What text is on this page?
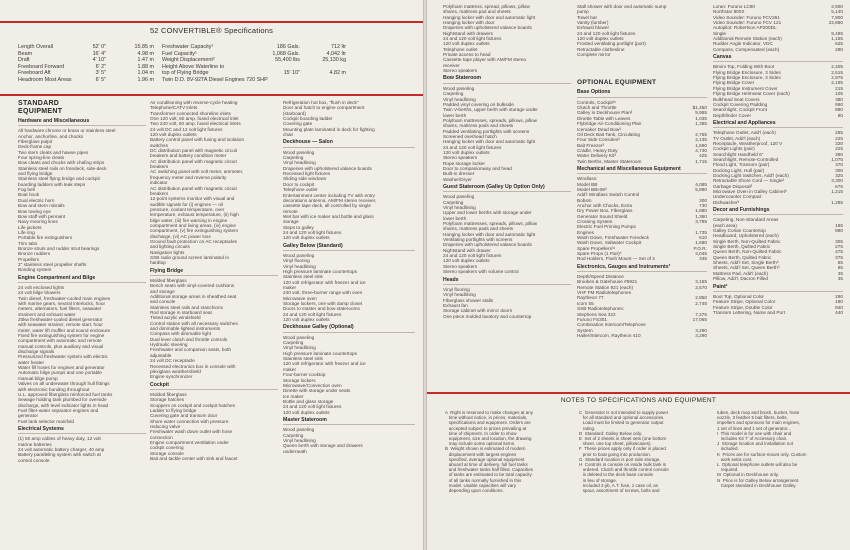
52 CONVERTIBLE® Specifications
Length Overall	52' 0"	15.85 m	Freshwater Capacity¹	186 Gals.	712 ltr
Beam	16' 4"	4.98 m	Fuel Capacity¹	1,068 Gals.	4,042 ltr
Draft	4' 10"	1.47 m	Weight Displacement²	55,400 lbs	25,130 kg
Freeboard Forward	6' 2"	1.88 m	Height Above Waterline to
Freeboard Aft	3' 5"	1.04 m	top of Flying Bridge	15' 10"	4.82 m
Headroom Most Areas	6' 5"	1.96 m	Twin D.D. 8V-92TA Diesel Engines 720 SHP
STANDARD
EQUIPMENT
Hardware and Miscellaneous
All hardware chrome or brass or stainless steel
Anchor, anchorline, and chocks
Fiberglass pulpit
Deck-frame cap
Two stern cleats and hawse pipes
Four spring-line cleats
Bow cleats and chocks with chafing strips
Stainless steel rails on foredeck, side-deck
and flying bridge
Stainless steel flying bridge and cockpit
boarding ladders with teak steps
Fog bell
Boat hook
Dual electric horn
Bow and stern rubrails
Bow towing eye
Bow staff with pennant
Navy mooring lines
Life jackets
Life ring
Portable fire extinguishers
Trim tabs
Bronze struts and rudder strut bearings
Bronze rudders
Propellers
2" stainless steel propeller shafts
Bonding system
Engine Compartment and Bilge
24 volt enclosed lights
24 volt bilge blowers
Twin diesel, freshwater-cooled main engines
with marine gears, neutral interlocks, hour
meters, alternators, fuel filters, seawater
strainers and exhaust water
20kw freshwater-cooled diesel generator
with seawater strainer, remote start, hour
meter, water lift muffler and sound enclosure
Fixed fire extinguishing system for engine
compartment with automatic and remote
manual controls, plus auxiliary and visual
discharge signals
Pressurized freshwater system with electric
water heater
Water fill hoses for engines and generator
Automatic bilge pumps and one portable
manual bilge pump
Valves on all underwater through hull fittings
with electronic bonding throughout
U.L. approved fiberglass reinforced fuel tanks
Sewage holding tank plumbed for overside
discharge, with level indicator lights in head
Fuel filter-water separator engines and
generator
Fuel tank selector manifold
Electrical Systems
(1) 50 amp cables of heavy duty, 12 volt
marine batteries
24 volt automatic battery charger, 40 amp
Battery paralleling system with switch at
control console
Air conditioning with reverse-cycle heating
Telephone/CATV inlets
Transformer connected shoreline inlets
One 120 volt, 50 amp, fused electrical inlet
Two 240 volt, 50 amp, fused electrical inlets
24 volt DC and 12 volt light fixtures
120 volt duplex outlets
Battery control panel with fusing and isolation
switches
DC distribution panel with magnetic circuit
breakers and battery condition meter
AC distribution panel with magnetic circuit
breakers
AC switching panel with volt meter, ammeter,
frequency meter and reverse polarity
indicator
AC distribution panel with magnetic circuit
breakers
12-point systems monitor with visual and
audible signals for (i) engines — oil
pressure, coolant temperature, over
temperature, exhaust temperature, (ii) high
bilge water, (iii) fire warning in engine
compartment and living areas, (iv) engine
compartment, (v) fire extinguishing system
discharge, (vi) AC power loss
Ground fault protection on AC receptacles
and lighting circuits
Navigation lights
SSB radio ground screen laminated in
hardtop
Flying Bridge
Molded fiberglass
Bench seats with vinyl-covered cushions
and storage
Additional storage areas in sheathed seat
and console
Stainless steel rails and stanchions
Rod storage in starboard seat
Tinted acrylic windshield
Control station with all necessary switches
and dimmable lighted instruments
Compass with dimmable light
Dual lever clutch and throttle controls
Hydraulic steering
Freshwater and companion seats, both
adjustable
24 volt DC receptacle
Recessed electronics box in console with
plexiglass weathershield
Engine synchronizer
Cockpit
Molded fiberglass
Storage hatches
Scuppers on cockpit and cockpit hatches
Ladder to flying bridge
Covering gate and transom door
Shore water connection with pressure
reducing valve
Freshwater wash down outlet with hose
connection
Engine compartment ventilation under
cockpit covering
Storage console
Bait and tackle center with sink and faucet
Refrigeration hot box, "flush in deck"
Door and hatch to engine compartment
(starboard)
Cockpit boarding ladder
Covering gate
Mounting plate laminated in deck for fighting
chair
Deckhouse — Salon
Wood paneling
Carpeting
Vinyl headlining
Draperies with upholstered valance boards
Recessed light fixtures
Sliding side windows
Door to cockpit
Telephone outlet
Entertainment center including TV with entry
decorations antenna, AM/FM stereo receiver,
cassette tape deck, all controlled by single
remote
Wet bar with ice maker and bottle and glass
storage
Steps to galley
24 and 120 volt light fixtures
120 volt duplex outlets
Galley Below (Standard)
Wood paneling
Vinyl flooring
Vinyl headlining
High pressure laminate countertops
Stainless steel sink
120 volt refrigerator with freezer and ice
maker
240 volt, three-burner range with oven
Microwave oven
Storage lockers, one with damp closet
Doors to master and bow staterooms
24 and 120 volt light fixtures
120 volt duplex outlets
Deckhouse Galley (Optional)
Wood paneling
Carpeting
Vinyl headlining
High pressure laminate countertops
Stainless steel sink
120 volt refrigerator with freezer and ice
maker
Four-burner cooktop
Storage lockers
Microwave/Convection oven
Dinette with storage under seats
Ice maker
Bottle and glass storage
24 and 120 volt light fixtures
120 volt duplex outlets
Master Stateroom
Wood paneling
Carpeting
Vinyl headlining
Queen berth with storage and drawers
underneath
Polyfoam mattress, spread, pillows, pillow
shams, mattress pad and sheets
Hanging locker with door and automatic light
Hanging locker with door
Draperies with upholstered valance boards
Nightstand with drawers
24 and 120 volt light fixtures
120 volt duplex outlets
Telephone outlet
Private access to head
Cassette tape player with AM/FM stereo
receiver
Stereo speakers
Bow Stateroom
Wood paneling
Carpeting
Vinyl headlining
Padded vinyl covering on bulkside
Twin V-berths, upper berth with storage under
lower berth
Polyfoam mattresses, spreads, pillows, pillow
shams, mattress pads and sheets
Padded ventilating portlights with screens
Screened overhead hatch
Hanging locker with door and automatic light
24 and 120 volt light fixtures
120 volt duplex outlets
Stereo speakers
Rope storage locker
Door to companionway and head
Built-in dresser
Washer/Dryer
Guest Stateroom (Galley Up Option Only)
Wood paneling
Carpeting
Vinyl headlining
Upper and lower berths with storage under
lower berth
Polyfoam mattresses, spreads, pillows, pillow
shams, mattress pads and sheets
Hanging locker with door and automatic light
Ventilating portlights with screens
Draperies with upholstered valance boards
Nightstand with drawer
24 and 120 volt light fixtures
120 volt duplex outlets
Stereo speakers
Stereo speakers with volume control
Heads
Vinyl flooring
Vinyl headlining
Fiberglass shower stalls
Exhaust fan
Storage cabinet with mirror doors
One piece molded lavatory and countertop
Stall shower with door and automatic sump
pump
Towel bar
Vanity (lumber)
Exhaust blower
24 and 120 volt light fixtures
120 volt duplex outlets
Frosted ventilating portlight (port)
Retractable clothesline
Complete mirror
OPTIONAL EQUIPMENT
Base Options
Controls, Cockpit³¹
Clutch and Throttle	$1,450
Galley in Deckhouse Plan³	5,955
Dinette Table with Leaves	1,035
Flybridge Air-Conditioning Plan	1,385
Icemaker Dead Bow³
Oil Deck Bait Tank, Circulating	2,755
Four Side Consoles³	2,135
Bait Freezer³	1,690
Cradle, Heavy Duty	4,740
Water Delivery Kit³	425
Twin Berths, Master Stateroom	1,715
Mechanical and Miscellaneous Equipment
Windlass:
Model BB	4,085
Model BBHW³	5,880
Add’l Windlass Switch Control
Bobsm	300
Anchor with Chocks, Extra	730
Dry Power Box, Fiberglass	1,880
Generator Sound Shield	1,360
Crossing System	3,795
Electric Fuel Priming Pumps
Engines	1,735
Wash Down, Freshwater Foredeck	610
Wash Down, Saltwater Cockpit	1,680
Spare Propellers³¹	P.O.R.
Spare Props (1 Pair)*	3,045
Rod Holders, Flush Mount — Set of 4	345
Electronics, Gauges and Instruments³
Depth/Speed Distance
Brookes & Gatehouse #5921	3,155
Remote Station 921 (each)	2,570
VHF FM Radiotelephones
Raytheon 77	2,850
Icom 55	2,745
SSB Radiotelephones:
Stephens Sea 322	7,275
Furuno FS301	17,065
Combination Intercom/Telephone
System	3,290
Hailer/Intercom, Raytheon 410	3,290
Loran: Furuno LC90	2,900
Northstar 800X	5,140
Video Sounder: Furuno FCV261	7,900
Video Sounder: Furuno FCV 121	22,850
Autopilot: Robertson AP200DL
Single	9,495
Additional Remote Station (each)	1,155
Rudder Angle Indicator, VDC	625
Compass, Compensated (each)	290
Canvas
Bimini Top, Folding With Boot	2,405
Flying Bridge Enclosure, 3 Sides	2,515
Flying Bridge Enclosure, 3 Sides	2,975
Flying Bridge Cover	2,195
Flying Bridge Instrument Cover	215
Flying Bridge Helmseat Cover (each)	105
Bulkhead Seat Covers	380
Cockpit Covering Padding	990
Searchlight, Cockpit Front	880
Depthfinder Cover	90
Electrical and Appliances
Telephone Outlet, Add’l (each)	285
TV Outlet, Add’l (each)	225
Receptacle, Weatherproof, 120 V	320
Cockpit Lights (pair)	225
Searchlight Handheld 6”	390
Searchlight, Remote-Controlled	1,075
Flood Light, Transom (pair)	370
Docking Light, Hull (pair)	300
Docking Light Switches, Add’l (each)	325
Retractable Shore Cord — Single³	3,300
Garbage Disposal³	675
Microwave Oven in Galley Cabinet³	1,215
Undercounter Compact
Dishwasher³	1,285
Decor and Furnishings
Carpeting, Non-Standard Areas
(each area)	195
Galley Corian Countertop	980
Headboard, Upholstered (each)
Single Berth, Non-Quilted Fabric	305
Single Berth, Quilted Fabric	275
Queen Berth, Non-Quilted Fabric	475
Queen Berth, Quilted Fabric	375
Sheets, Add’l Set, Single Berth³	65
Sheets, Add’l Set, Queen Berth³	95
Mattress Pad, Add’l (each)	35
Pillow, Add’l, Dacron Filled	35
Paint³
Boot Top, Optional Color	290
Feature Stripe, Optional Color	180
Feature Stripe, Double Color	940
Transom Lettering, Name and Port	440
NOTES TO SPECIFICATIONS AND EQUIPMENT
A  Right is reserved to make changes at any
time without notice, in prices, materials,
specifications and equipment. Orders are
accepted subject to prices prevailing at
time of shipment. In order to show
equipment, size and location, the drawing
may include some optional items.
B  Weight shown is estimated of modern
displacement with largest engines
specified, average optional equipment
aboard at time of delivery, full fuel tanks
and freshwater tanks half filled. Capacities
of tanks are estimated to be total capacity
of all tanks normally furnished in this
model. Usable capacities will vary
depending upon conditions.
C  Generator is not intended to supply power
for all standard and optional accessories.
Load must be limited to generator output
rating.
D  Standard: Galley Below only.
E  Set of 2 sheets in sheet sets (one bottom
sheet, one top sheet, pillowcases).
F  These prices apply only if order is placed
prior to boat going into production.
G  Standard location is port side storage.
H  Controls in console on inside bulk tank is
ordered. Clutch and throttle control console
is deleted to the deck base console
in lieu of storage.
Included 2-jib, A.T. fuse, 1 case oil, as
spout, assortment of screws, bolts and
tubes, deck mop and brush, bucket, hose
nozzle, 3 feather 5 bait filters, belts,
impellers and sponsons for main engines,
1 set of lines and 1 set of generator...
I  This model is for use with chair and
includes Kit 7’ of Accessory chair.
J  Storage location and installation not
included.
K  Prices are for surface-mount only. Custom
work extra cost.
L  Optional telephone outlets will also be
required.
M  Optional in Deckhouse only.
N  Price is for Galley Below arrangement.
Carpet standard in Deckhouse Galley.
